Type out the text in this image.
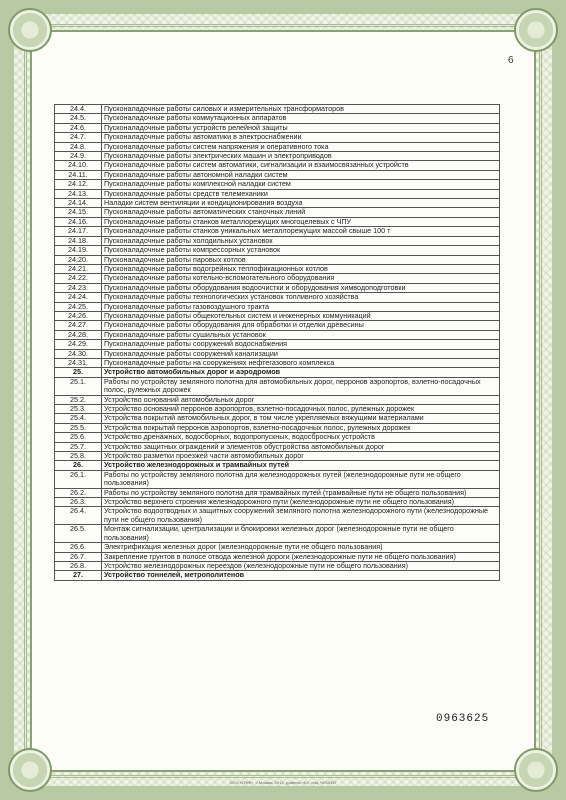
6
24.4.	Пусконаладочные работы силовых и измерительных трансформаторов
24.5.	Пусконаладочные работы коммутационных аппаратов
24.6.	Пусконаладочные работы устройств релейной защиты
24.7.	Пусконаладочные работы автоматики в электроснабжении
24.8.	Пусконаладочные работы систем напряжения и оперативного тока
24.9.	Пусконаладочные работы электрических машин и электроприводов
24.10.	Пусконаладочные работы систем автоматики, сигнализации и взаимосвязанных устройств
24.11.	Пусконаладочные работы автономной наладки систем
24.12.	Пусконаладочные работы комплексной наладки систем
24.13.	Пусконаладочные работы средств телемеханики
24.14.	Наладки систем вентиляции и кондиционирования воздуха
24.15.	Пусконаладочные работы автоматических станочных линий
24.16.	Пусконаладочные работы станков металлорежущих многоцелевых с ЧПУ
24.17.	Пусконаладочные работы станков уникальных металлорежущих массой свыше 100 т
24.18.	Пусконаладочные работы холодильных установок
24.19.	Пусконаладочные работы компрессорных установок
24.20.	Пусконаладочные работы паровых котлов
24.21.	Пусконаладочные работы водогрейных теплофикационных котлов
24.22.	Пусконаладочные работы котельно-вспомогательного оборудования
24.23.	Пусконаладочные работы оборудования водоочистки и оборудования химводоподготовки
24.24.	Пусконаладочные работы технологических установок топливного хозяйства
24.25.	Пусконаладочные работы газовоздушного тракта
24.26.	Пусконаладочные работы общекотельных систем и инженерных коммуникаций
24.27.	Пусконаладочные работы оборудования для обработки и отделки древесины
24.28.	Пусконаладочные работы сушильных установок
24.29.	Пусконаладочные работы сооружений водоснабжения
24.30.	Пусконаладочные работы сооружений канализации
24.31.	Пусконаладочные работы на сооружениях нефтегазового комплекса
25.	Устройство автомобильных дорог и аэродромов
25.1.	Работы по устройству земляного полотна для автомобильных дорог, перронов аэропортов, взлетно-посадочных полос, рулежных дорожек
25.2.	Устройство оснований автомобильных дорог
25.3.	Устройство оснований перронов аэропортов, взлетно-посадочных полос, рулежных дорожек
25.4.	Устройства покрытий автомобильных дорог, в том числе укрепляемых вяжущими материалами
25.5.	Устройства покрытий перронов аэропортов, взлетно-посадочных полос, рулежных дорожек
25.6.	Устройство дренажных, водосборных, водопропускных, водосбросных устройств
25.7.	Устройство защитных ограждений и элементов обустройства автомобильных дорог
25.8.	Устройство разметки проезжей части автомобильных дорог
26.	Устройство железнодорожных и трамвайных путей
26.1.	Работы по устройству земляного полотна для железнодорожных путей (железнодорожные пути не общего пользования)
26.2.	Работы по устройству земляного полотна для трамвайных путей (трамвайные пути не общего пользования)
26.3.	Устройство верхнего строения железнодорожного пути (железнодорожные пути не общего пользования)
26.4.	Устройство водоотводных и защитных сооружений земляного полотна железнодорожного пути (железнодорожные пути не общего пользования)
26.5.	Монтаж сигнализации, централизации и блокировки железных дорог (железнодорожные пути не общего пользования)
26.6.	Электрификация железных дорог (железнодорожные пути не общего пользования)
26.7.	Закрепление грунтов в полосе отвода железной дороги (железнодорожные пути не общего пользования)
26.8.	Устройство железнодорожных переездов (железнодорожные пути не общего пользования)
27.	Устройство тоннелей, метрополитенов
0963625
ООО «ОФФ», г. Москва, 2011, уровень «Б», лиц. № 05337
